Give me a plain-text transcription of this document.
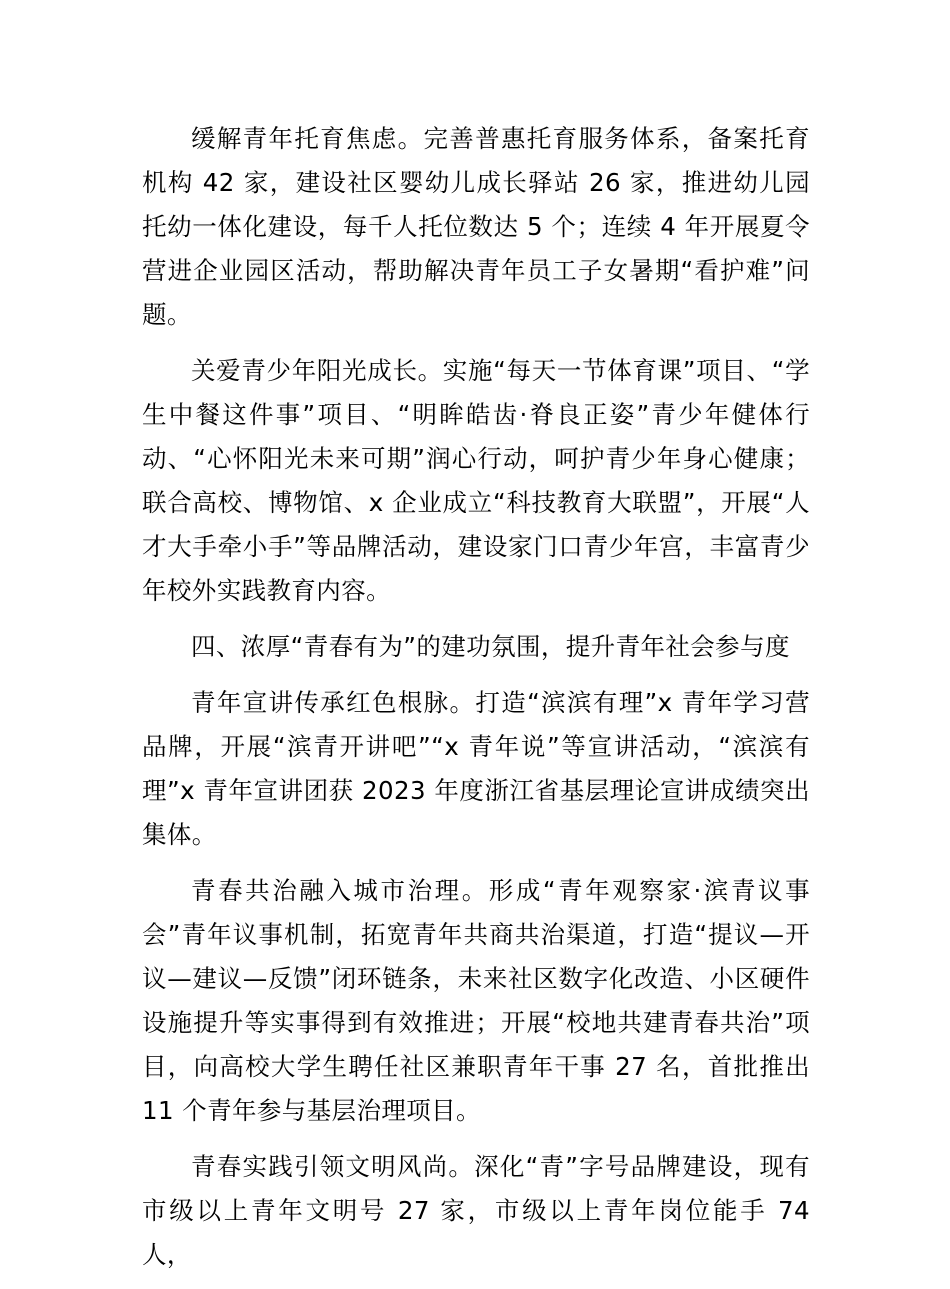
缓解青年托育焦虑。完善普惠托育服务体系，备案托育机构 42 家，建设社区婴幼儿成长驿站 26 家，推进幼儿园托幼一体化建设，每千人托位数达 5 个；连续 4 年开展夏令营进企业园区活动，帮助解决青年员工子女暑期“看护难”问题。

关爱青少年阳光成长。实施“每天一节体育课”项目、“学生中餐这件事”项目、“明眸皓齿·脊良正姿”青少年健体行动、“心怀阳光未来可期”润心行动，呵护青少年身心健康；联合高校、博物馆、x 企业成立“科技教育大联盟”，开展“人才大手牵小手”等品牌活动，建设家门口青少年宫，丰富青少年校外实践教育内容。

四、浓厚“青春有为”的建功氛围，提升青年社会参与度

青年宣讲传承红色根脉。打造“滨滨有理”x 青年学习营品牌，开展“滨青开讲吧”“x 青年说”等宣讲活动，“滨滨有理”x 青年宣讲团获 2023 年度浙江省基层理论宣讲成绩突出集体。

青春共治融入城市治理。形成“青年观察家·滨青议事会”青年议事机制，拓宽青年共商共治渠道，打造“提议—开议—建议—反馈”闭环链条，未来社区数字化改造、小区硬件设施提升等实事得到有效推进；开展“校地共建青春共治”项目，向高校大学生聘任社区兼职青年干事 27 名，首批推出 11 个青年参与基层治理项目。

青春实践引领文明风尚。深化“青”字号品牌建设，现有市级以上青年文明号 27 家，市级以上青年岗位能手 74 人，
